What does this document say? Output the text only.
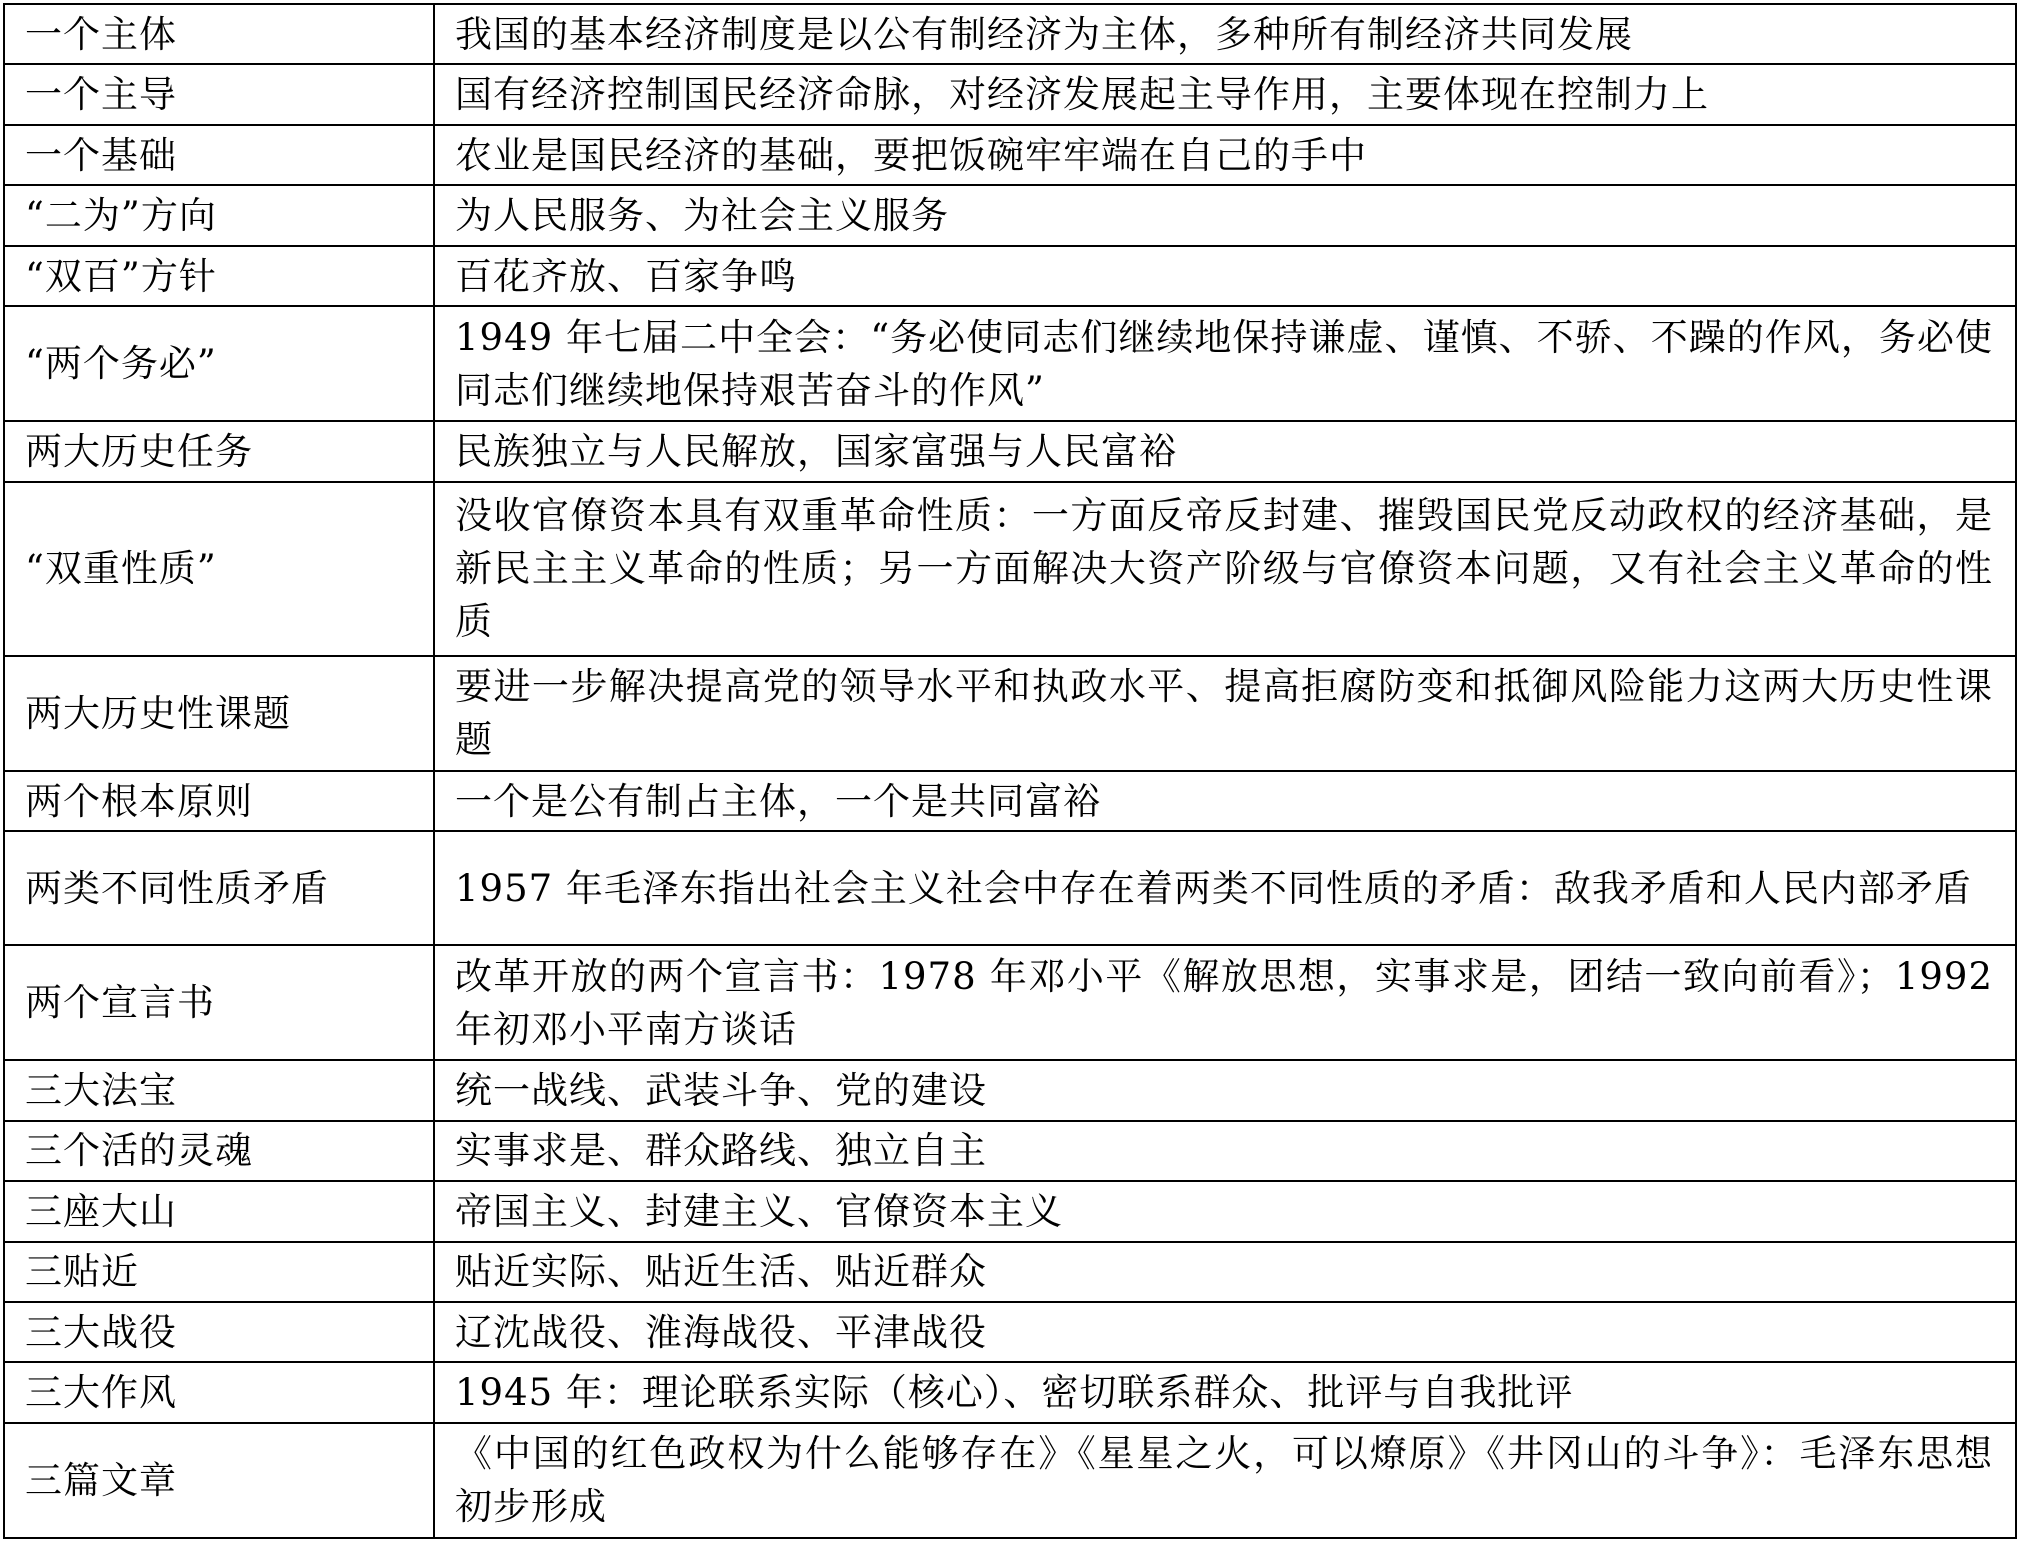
一个主体	我国的基本经济制度是以公有制经济为主体，多种所有制经济共同发展
一个主导	国有经济控制国民经济命脉，对经济发展起主导作用，主要体现在控制力上
一个基础	农业是国民经济的基础，要把饭碗牢牢端在自己的手中
“二为”方向	为人民服务、为社会主义服务
“双百”方针	百花齐放、百家争鸣
“两个务必”	1949 年七届二中全会：“务必使同志们继续地保持谦虚、谨慎、不骄、不躁的作风，务必使同志们继续地保持艰苦奋斗的作风”
两大历史任务	民族独立与人民解放，国家富强与人民富裕
“双重性质”	没收官僚资本具有双重革命性质：一方面反帝反封建、摧毁国民党反动政权的经济基础，是新民主主义革命的性质；另一方面解决大资产阶级与官僚资本问题，又有社会主义革命的性质
两大历史性课题	要进一步解决提高党的领导水平和执政水平、提高拒腐防变和抵御风险能力这两大历史性课题
两个根本原则	一个是公有制占主体，一个是共同富裕
两类不同性质矛盾	1957 年毛泽东指出社会主义社会中存在着两类不同性质的矛盾：敌我矛盾和人民内部矛盾
两个宣言书	改革开放的两个宣言书：1978 年邓小平《解放思想，实事求是，团结一致向前看》；1992 年初邓小平南方谈话
三大法宝	统一战线、武装斗争、党的建设
三个活的灵魂	实事求是、群众路线、独立自主
三座大山	帝国主义、封建主义、官僚资本主义
三贴近	贴近实际、贴近生活、贴近群众
三大战役	辽沈战役、淮海战役、平津战役
三大作风	1945 年：理论联系实际（核心）、密切联系群众、批评与自我批评
三篇文章	《中国的红色政权为什么能够存在》《星星之火，可以燎原》《井冈山的斗争》：毛泽东思想初步形成
